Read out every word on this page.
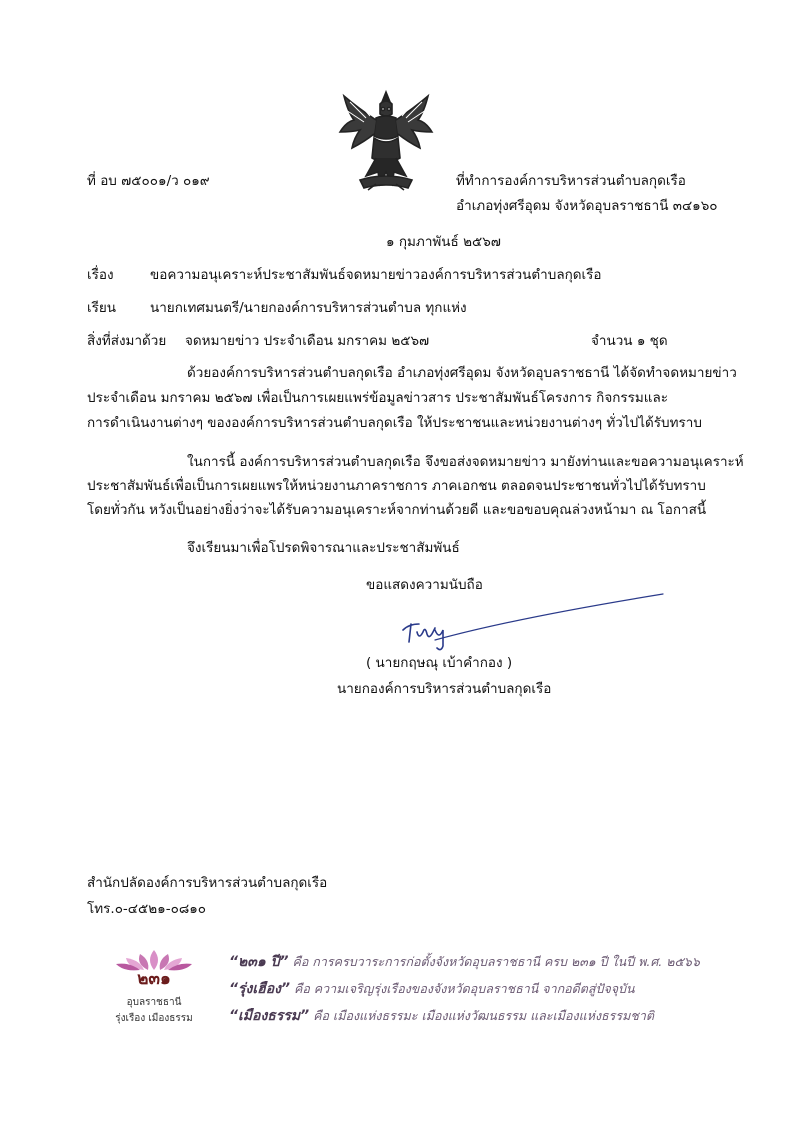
ที่ อบ ๗๕๐๐๑/ว ๐๑๙	ที่ทำการองค์การบริหารส่วนตำบลกุดเรือ
อำเภอทุ่งศรีอุดม จังหวัดอุบลราชธานี ๓๔๑๖๐
๑ กุมภาพันธ์ ๒๕๖๗
เรื่อง	ขอความอนุเคราะห์ประชาสัมพันธ์จดหมายข่าวองค์การบริหารส่วนตำบลกุดเรือ
เรียน	นายกเทศมนตรี/นายกองค์การบริหารส่วนตำบล ทุกแห่ง
สิ่งที่ส่งมาด้วย จดหมายข่าว ประจำเดือน มกราคม ๒๕๖๗	จำนวน ๑ ชุด
ด้วยองค์การบริหารส่วนตำบลกุดเรือ อำเภอทุ่งศรีอุดม จังหวัดอุบลราชธานี ได้จัดทำจดหมายข่าว
ประจำเดือน มกราคม ๒๕๖๗ เพื่อเป็นการเผยแพร่ข้อมูลข่าวสาร ประชาสัมพันธ์โครงการ กิจกรรมและ
การดำเนินงานต่างๆ ขององค์การบริหารส่วนตำบลกุดเรือ ให้ประชาชนและหน่วยงานต่างๆ ทั่วไปได้รับทราบ
ในการนี้ องค์การบริหารส่วนตำบลกุดเรือ จึงขอส่งจดหมายข่าว มายังท่านและขอความอนุเคราะห์
ประชาสัมพันธ์เพื่อเป็นการเผยแพรให้หน่วยงานภาคราชการ ภาคเอกชน ตลอดจนประชาชนทั่วไปได้รับทราบ
โดยทั่วกัน หวังเป็นอย่างยิ่งว่าจะได้รับความอนุเคราะห์จากท่านด้วยดี และขอขอบคุณล่วงหน้ามา ณ โอกาสนี้
จึงเรียนมาเพื่อโปรดพิจารณาและประชาสัมพันธ์
ขอแสดงความนับถือ
( นายกฤษณุ เบ้าคำกอง )
นายกองค์การบริหารส่วนตำบลกุดเรือ
สำนักปลัดองค์การบริหารส่วนตำบลกุดเรือ
โทร.๐-๔๕๒๑-๐๘๑๐
๒๓๑
อุบลราชธานี
รุ่งเรือง เมืองธรรม
“๒๓๑ ปี” คือ การครบวาระการก่อตั้งจังหวัดอุบลราชธานี ครบ ๒๓๑ ปี ในปี พ.ศ. ๒๕๖๖
“รุ่งเฮือง” คือ ความเจริญรุ่งเรืองของจังหวัดอุบลราชธานี จากอดีตสู่ปัจจุบัน
“เมืองธรรม” คือ เมืองแห่งธรรมะ เมืองแห่งวัฒนธรรม และเมืองแห่งธรรมชาติ
